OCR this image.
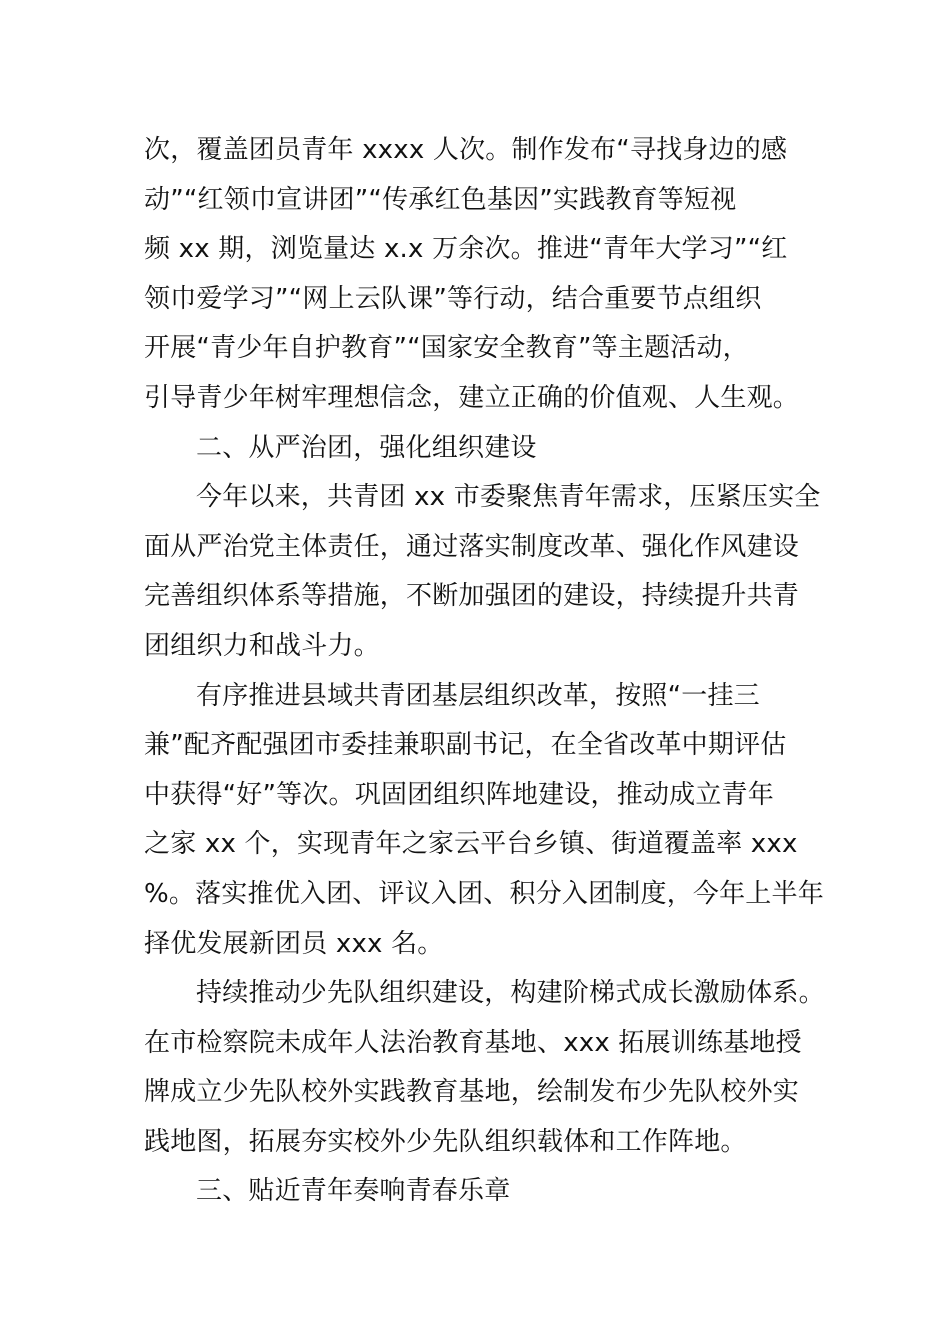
次，覆盖团员青年 xxxx 人次。制作发布“寻找身边的感
动”“红领巾宣讲团”“传承红色基因”实践教育等短视
频 xx 期，浏览量达 x.x 万余次。推进“青年大学习”“红
领巾爱学习”“网上云队课”等行动，结合重要节点组织
开展“青少年自护教育”“国家安全教育”等主题活动，
引导青少年树牢理想信念，建立正确的价值观、人生观。
二、从严治团，强化组织建设
今年以来，共青团 xx 市委聚焦青年需求，压紧压实全
面从严治党主体责任，通过落实制度改革、强化作风建设
完善组织体系等措施，不断加强团的建设，持续提升共青
团组织力和战斗力。
有序推进县域共青团基层组织改革，按照“一挂三
兼”配齐配强团市委挂兼职副书记，在全省改革中期评估
中获得“好”等次。巩固团组织阵地建设，推动成立青年
之家 xx 个，实现青年之家云平台乡镇、街道覆盖率 xxx
%。落实推优入团、评议入团、积分入团制度，今年上半年
择优发展新团员 xxx 名。
持续推动少先队组织建设，构建阶梯式成长激励体系。
在市检察院未成年人法治教育基地、xxx 拓展训练基地授
牌成立少先队校外实践教育基地，绘制发布少先队校外实
践地图，拓展夯实校外少先队组织载体和工作阵地。
三、贴近青年奏响青春乐章
